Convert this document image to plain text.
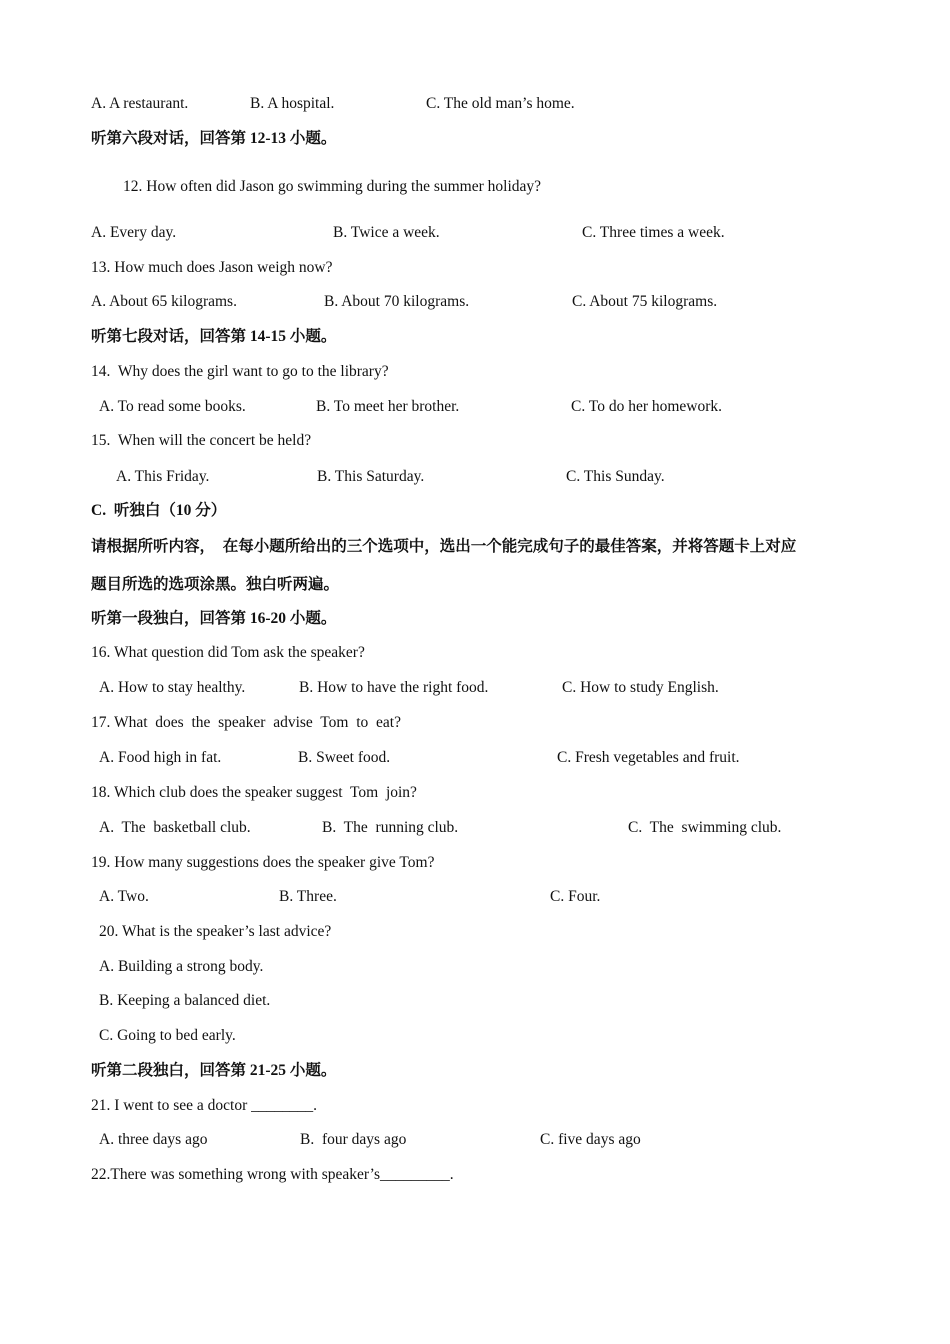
A. A restaurant.	B. A hospital.	C. The old man’s home.
听第六段对话，回答第 12-13 小题。
12. How often did Jason go swimming during the summer holiday?
A. Every day.	B. Twice a week.	C. Three times a week.
13. How much does Jason weigh now?
A. About 65 kilograms.	B. About 70 kilograms.	C. About 75 kilograms.
听第七段对话，回答第 14-15 小题。
14.  Why does the girl want to go to the library?
A. To read some books.	B. To meet her brother.	C. To do her homework.
15.  When will the concert be held?
A. This Friday.	B. This Saturday.	C. This Sunday.
C.  听独白（10 分）
请根据所听内容，  在每小题所给出的三个选项中，选出一个能完成句子的最佳答案，并将答题卡上对应
题目所选的选项涂黑。独白听两遍。
听第一段独白，回答第 16-20 小题。
16. What question did Tom ask the speaker?
A. How to stay healthy.	B. How to have the right food.	C. How to study English.
17. What  does  the  speaker  advise  Tom  to  eat?
A. Food high in fat.	B. Sweet food.	C. Fresh vegetables and fruit.
18. Which club does the speaker suggest  Tom  join?
A.  The  basketball club.	B.  The  running club.	C.  The  swimming club.
19. How many suggestions does the speaker give Tom?
A. Two.	B. Three.	C. Four.
20. What is the speaker’s last advice?
A. Building a strong body.
B. Keeping a balanced diet.
C. Going to bed early.
听第二段独白，回答第 21-25 小题。
21. I went to see a doctor ________.
A. three days ago	B.  four days ago	C. five days ago
22.There was something wrong with speaker’s_________.
